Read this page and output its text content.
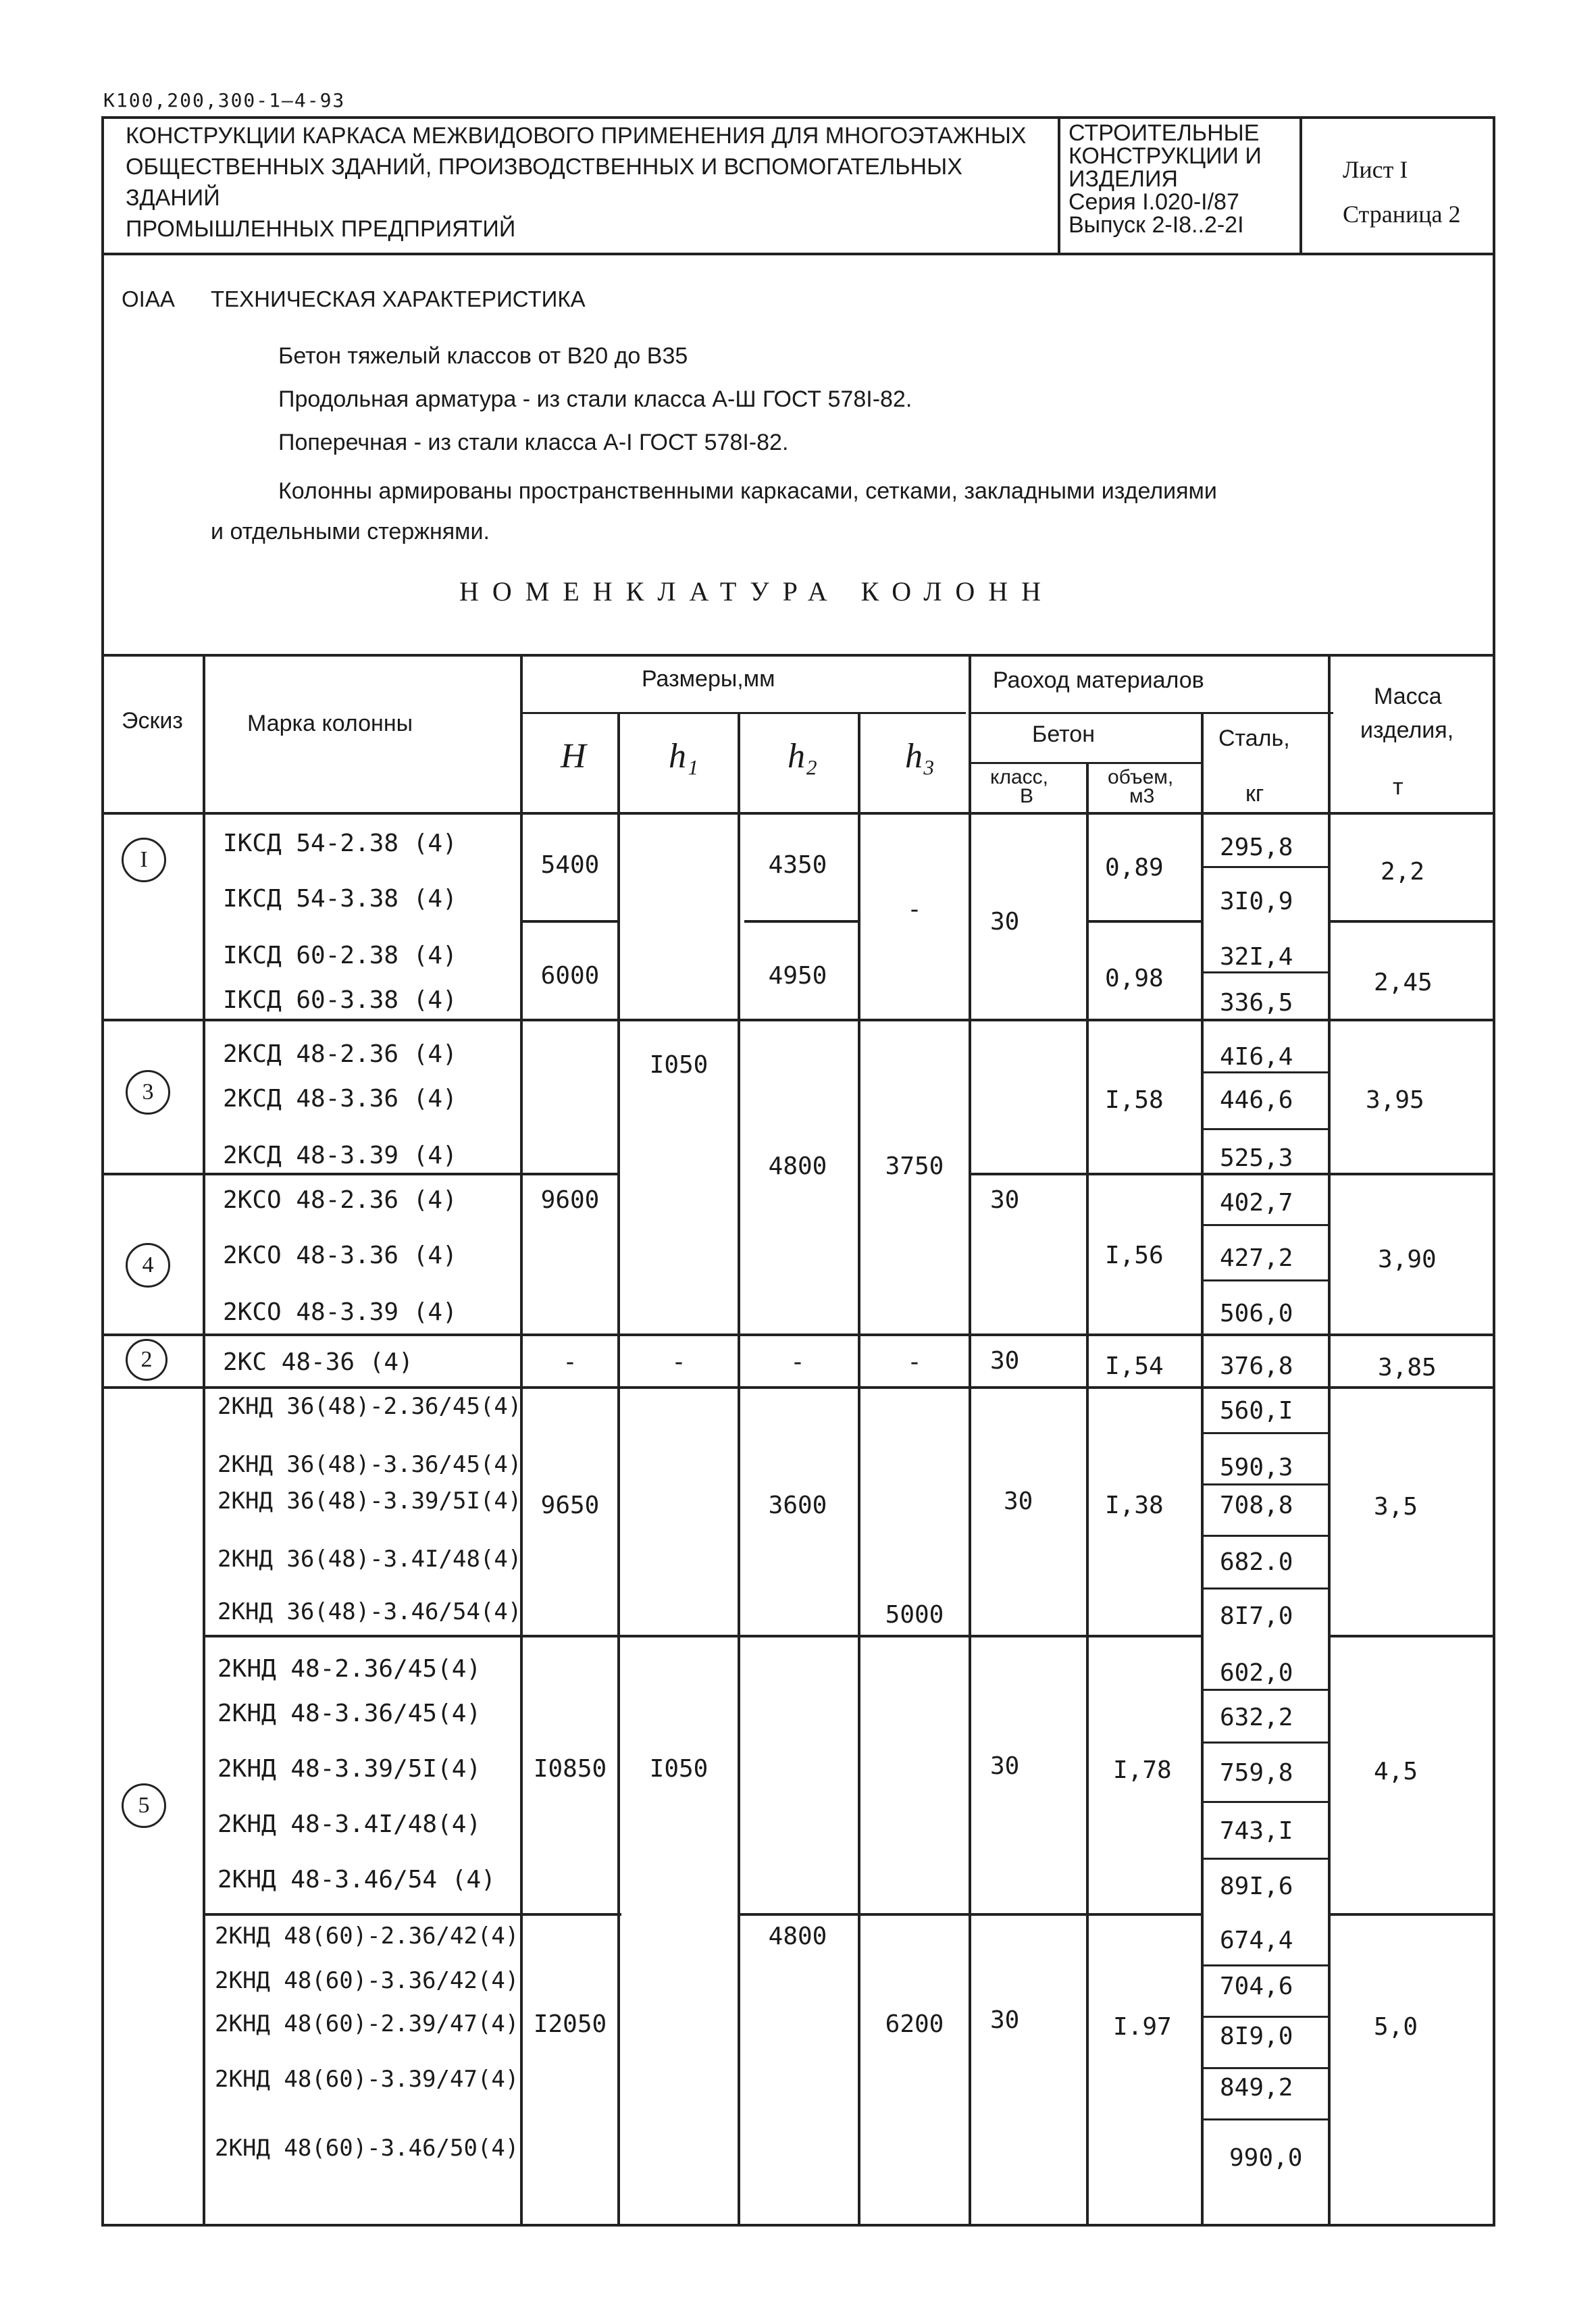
К100,200,300-1—4-93
КОНСТРУКЦИИ КАРКАСА МЕЖВИДОВОГО ПРИМЕНЕНИЯ ДЛЯ МНОГОЭТАЖНЫХ
ОБЩЕСТВЕННЫХ ЗДАНИЙ, ПРОИЗВОДСТВЕННЫХ И ВСПОМОГАТЕЛЬНЫХ ЗДАНИЙ
ПРОМЫШЛЕННЫХ ПРЕДПРИЯТИЙ
СТРОИТЕЛЬНЫЕ
КОНСТРУКЦИИ И
ИЗДЕЛИЯ
Серия I.020-I/87
Выпуск 2-I8..2-2I
Лист I
Страница 2
ОIАА ТЕХНИЧЕСКАЯ ХАРАКТЕРИСТИКА
Бетон тяжелый классов от В20 до В35
Продольная арматура - из стали класса А-Ш ГОСТ 578I-82.
Поперечная - из стали класса А-I ГОСТ 578I-82.
Колонны армированы пространственными каркасами, сетками, закладными изделиями
и отдельными стержнями.
НОМЕНКЛАТУРА КОЛОНН
Эскиз	Марка колонны
Размеры,мм
H h₁	h₂ h₃
Раоход материалов
Бетон
класс,
В
объем,
м3
Сталь,
кг
Масса
изделия,
т
I
3
4
2
5
IКСД 54-2.38 (4)
IКСД 54-3.38 (4)
IКСД 60-2.38 (4)
IКСД 60-3.38 (4)
2КСД 48-2.36 (4)
2КСД 48-3.36 (4)
2КСД 48-3.39 (4)
2КСО 48-2.36 (4)
2КСО 48-3.36 (4)
2КСО 48-3.39 (4)
2КС 48-36 (4)
2КНД 36(48)-2.36/45(4)
2КНД 36(48)-3.36/45(4)
2КНД 36(48)-3.39/5I(4)
2КНД 36(48)-3.4I/48(4)
2КНД 36(48)-3.46/54(4)
2КНД 48-2.36/45(4)
2КНД 48-3.36/45(4)
2КНД 48-3.39/5I(4)
2КНД 48-3.4I/48(4)
2КНД 48-3.46/54 (4)
2КНД 48(60)-2.36/42(4)
2КНД 48(60)-3.36/42(4)
2КНД 48(60)-2.39/47(4)
2КНД 48(60)-3.39/47(4)
2КНД 48(60)-3.46/50(4)
5400
6000
9600
-
9650
I0850
I2050
I050
-
I050
4350
4950
4800
-
3600
4800
-
3750
-
5000
6200
30
30
30
30
30
30
0,89
0,98
I,58
I,56
I,54
I,38
I,78
I.97
295,8
3I0,9
32I,4
336,5
4I6,4
446,6
525,3
402,7
427,2
506,0
376,8
560,I
590,3
708,8
682.0
8I7,0
602,0
632,2
759,8
743,I
89I,6
674,4
704,6
8I9,0
849,2
990,0
2,2
2,45
3,95
3,90
3,85
3,5
4,5
5,0
